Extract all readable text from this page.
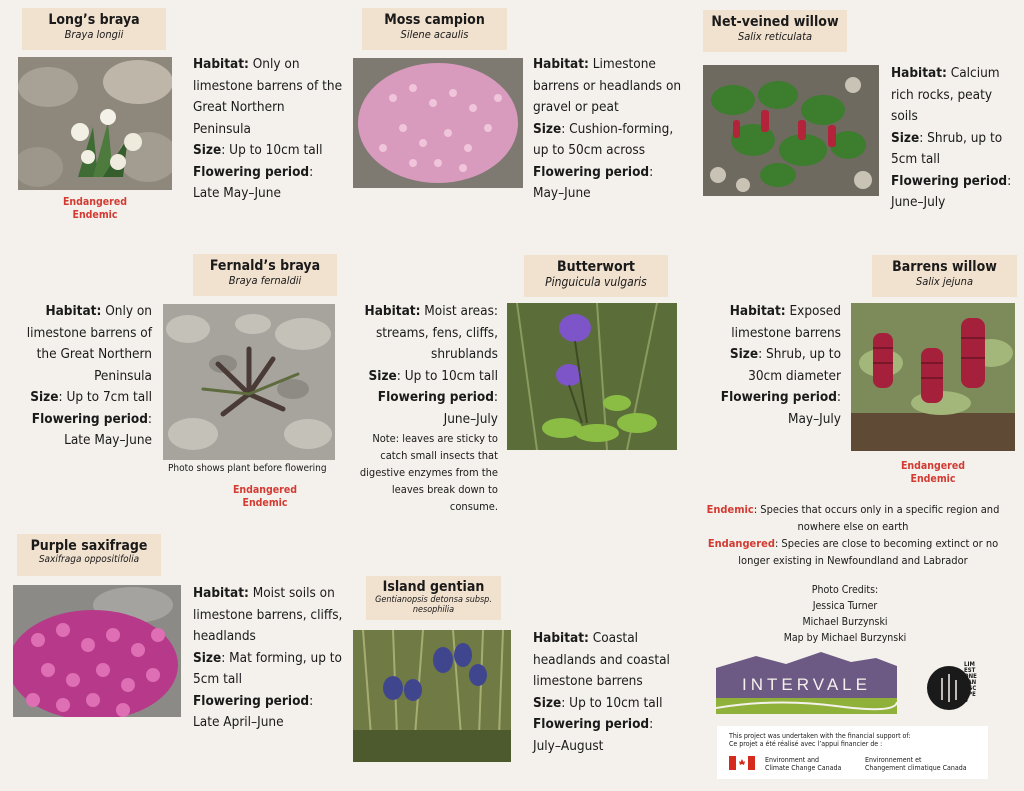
Long’s braya
Braya longii
Habitat: Only on limestone barrens of the Great Northern Peninsula
Size: Up to 10cm tall
Flowering period:
Late May–June
Endangered
Endemic
Moss campion
Silene acaulis
Habitat: Limestone barrens or headlands on gravel or peat
Size: Cushion-forming, up to 50cm across
Flowering period:
May–June
Net-veined willow
Salix reticulata
Habitat: Calcium rich rocks, peaty soils
Size: Shrub, up to 5cm tall
Flowering period:
June–July
Fernald’s braya
Braya fernaldii
Habitat: Only on limestone barrens of the Great Northern Peninsula
Size: Up to 7cm tall
Flowering period:
Late May–June
Photo shows plant before flowering
Endangered
Endemic
Butterwort
Pinguicula vulgaris
Habitat: Moist areas: streams, fens, cliffs, shrublands
Size: Up to 10cm tall
Flowering period:
June–July
Note: leaves are sticky to catch small insects that digestive enzymes from the leaves break down to consume.
Barrens willow
Salix jejuna
Habitat: Exposed limestone barrens
Size: Shrub, up to 30cm diameter
Flowering period:
May–July
Endangered
Endemic
Endemic: Species that occurs only in a specific region and nowhere else on earth
Endangered: Species are close to becoming extinct or no longer existing in Newfoundland and Labrador
Purple saxifrage
Saxifraga oppositifolia
Habitat: Moist soils on limestone barrens, cliffs, headlands
Size: Mat forming, up to 5cm tall
Flowering period:
Late April–June
Island gentian
Gentianopsis detonsa subsp. nesophilia
Habitat: Coastal headlands and coastal limestone barrens
Size: Up to 10cm tall
Flowering period:
July–August
Photo Credits:
Jessica Turner
Michael Burzynski
Map by Michael Burzynski
INTERVALE
LIMESTONE LANDSCAPES
This project was undertaken with the financial support of:
Ce projet a été réalisé avec l’appui financier de :
Environment and
Climate Change Canada
Environnement et
Changement climatique Canada
